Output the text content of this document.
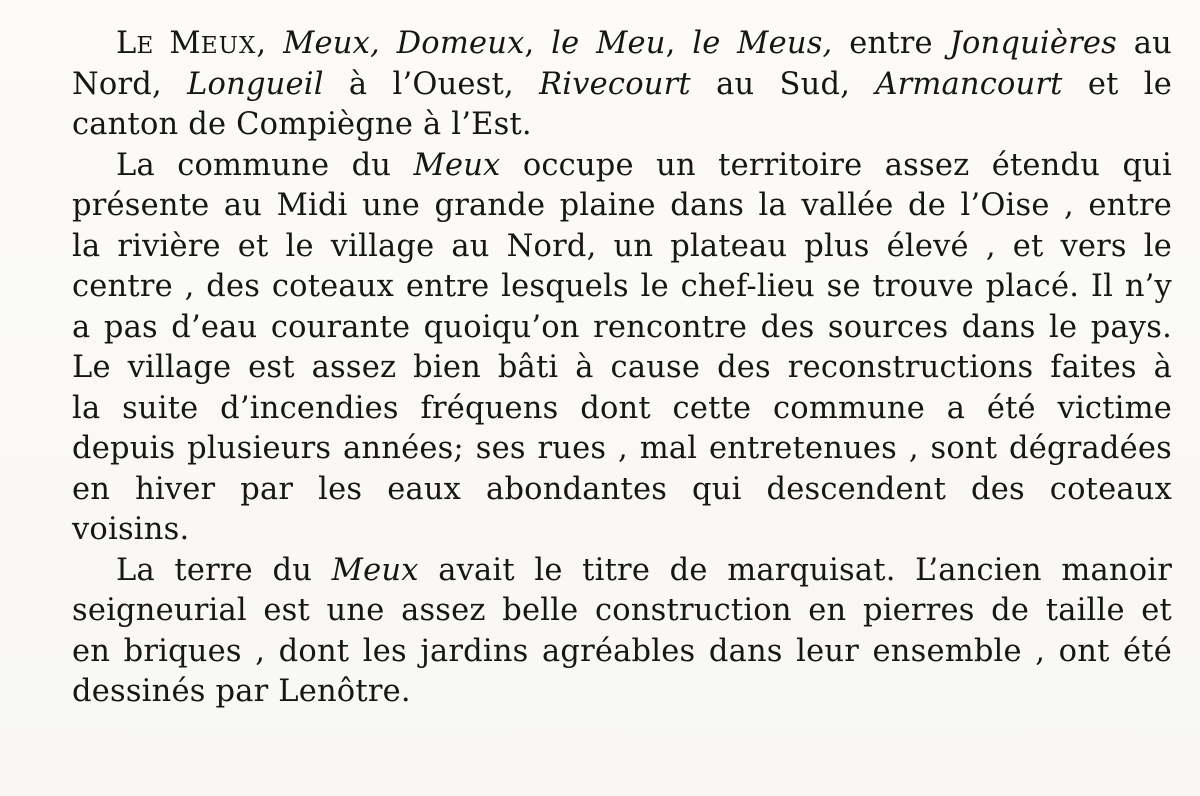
LE MEUX, Meux, Domeux, le Meu, le Meus, entre Jonquières au
Nord, Longueil à l’Ouest, Rivecourt au Sud, Armancourt et le
canton de Compiègne à l’Est.
La commune du Meux occupe un territoire assez étendu qui
présente au Midi une grande plaine dans la vallée de l’Oise , entre
la rivière et le village au Nord, un plateau plus élevé , et vers le
centre , des coteaux entre lesquels le chef-lieu se trouve placé. Il n’y
a pas d’eau courante quoiqu’on rencontre des sources dans le pays.
Le village est assez bien bâti à cause des reconstructions faites à
la suite d’incendies fréquens dont cette commune a été victime
depuis plusieurs années; ses rues , mal entretenues , sont dégradées
en hiver par les eaux abondantes qui descendent des coteaux
voisins.
La terre du Meux avait le titre de marquisat. L’ancien manoir
seigneurial est une assez belle construction en pierres de taille et
en briques , dont les jardins agréables dans leur ensemble , ont été
dessinés par Lenôtre.
